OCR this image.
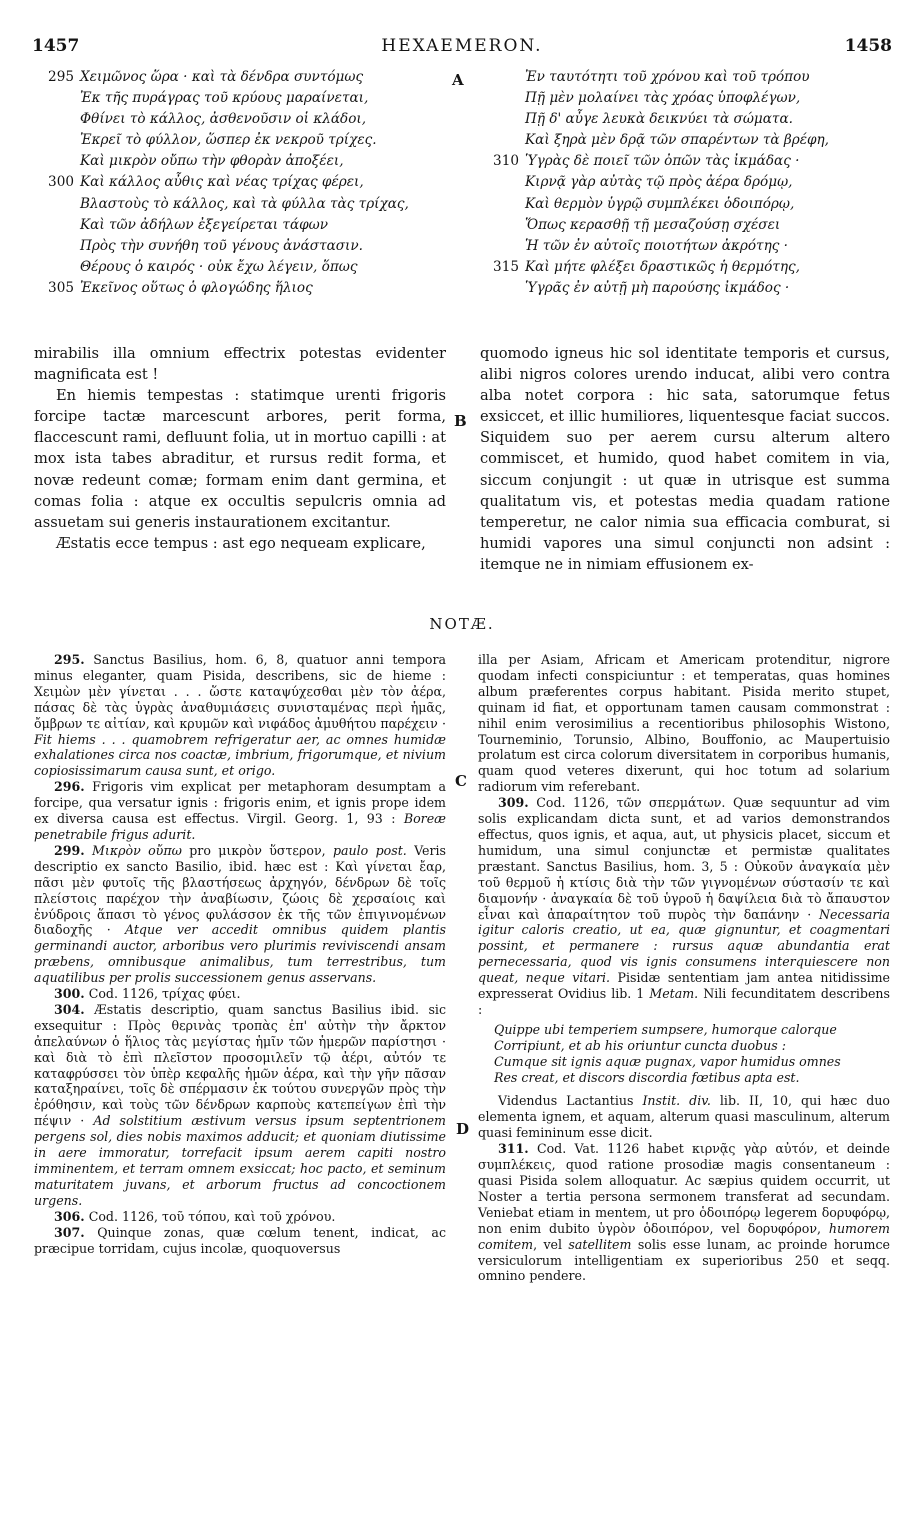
1457	HEXAEMERON.	1458
A
B
C
D
295 Χειμῶνος ὥρα · καὶ τὰ δένδρα συντόμως
Ἐκ τῆς πυράγρας τοῦ κρύους μαραίνεται,
Φθίνει τὸ κάλλος, ἀσθενοῦσιν οἱ κλάδοι,
Ἐκρεῖ τὸ φύλλον, ὥσπερ ἐκ νεκροῦ τρίχες.
Καὶ μικρὸν οὔπω τὴν φθορὰν ἀποξέει,
300 Καὶ κάλλος αὖθις καὶ νέας τρίχας φέρει,
Βλαστοὺς τὸ κάλλος, καὶ τὰ φύλλα τὰς τρίχας,
Καὶ τῶν ἀδήλων ἐξεγείρεται τάφων
Πρὸς τὴν συνήθη τοῦ γένους ἀνάστασιν.
Θέρους ὁ καιρός · οὐκ ἔχω λέγειν, ὅπως
305 Ἐκεῖνος οὕτως ὁ φλογώδης ἥλιος
Ἐν ταυτότητι τοῦ χρόνου καὶ τοῦ τρόπου
Πῇ μὲν μολαίνει τὰς χρόας ὑποφλέγων,
Πῇ δ' αὖγε λευκὰ δεικνύει τὰ σώματα.
Καὶ ξηρὰ μὲν δρᾷ τῶν σπαρέντων τὰ βρέφη,
310 Ὑγρὰς δὲ ποιεῖ τῶν ὀπῶν τὰς ἰκμάδας ·
Κιρνᾷ γὰρ αὐτὰς τῷ πρὸς ἀέρα δρόμῳ,
Καὶ θερμὸν ὑγρῷ συμπλέκει ὁδοιπόρῳ,
Ὅπως κερασθῇ τῇ μεσαζούσῃ σχέσει
Ἡ τῶν ἐν αὐτοῖς ποιοτήτων ἀκρότης ·
315 Καὶ μήτε φλέξει δραστικῶς ἡ θερμότης,
Ὑγρᾶς ἐν αὐτῇ μὴ παρούσης ἰκμάδος ·

mirabilis illa omnium effectrix potestas evidenter magnificata est !

En hiemis tempestas : statimque urenti frigoris forcipe tactæ marcescunt arbores, perit forma, flaccescunt rami, defluunt folia, ut in mortuo capilli : at mox ista tabes abraditur, et rursus redit forma, et novæ redeunt comæ; formam enim dant germina, et comas folia : atque ex occultis sepulcris omnia ad assuetam sui generis instaurationem excitantur.

Æstatis ecce tempus : ast ego nequeam explicare,

quomodo igneus hic sol identitate temporis et cursus, alibi nigros colores urendo inducat, alibi vero contra alba notet corpora : hic sata, satorumque fetus exsiccet, et illic humiliores, liquentesque faciat succos. Siquidem suo per aerem cursu alterum altero commiscet, et humido, quod habet comitem in via, siccum conjungit : ut quæ in utrisque est summa qualitatum vis, et potestas media quadam ratione temperetur, ne calor nimia sua efficacia comburat, si humidi vapores una simul conjuncti non adsint : itemque ne in nimiam effusionem ex-

NOTÆ.

295. Sanctus Basilius, hom. 6, 8, quatuor anni tempora minus eleganter, quam Pisida, describens, sic de hieme : Χειμὼν μὲν γίνεται . . . ὥστε καταψύχεσθαι μὲν τὸν ἀέρα, πάσας δὲ τὰς ὑγρὰς ἀναθυμιάσεις συνισταμένας περὶ ἡμᾶς, ὄμβρων τε αἰτίαν, καὶ κρυμῶν καὶ νιφάδος ἀμυθήτου παρέχειν · Fit hiems . . . quamobrem refrigeratur aer, ac omnes humidæ exhalationes circa nos coactæ, imbrium, frigorumque, et nivium copiosissimarum causa sunt, et origo.

296. Frigoris vim explicat per metaphoram desumptam a forcipe, qua versatur ignis : frigoris enim, et ignis prope idem ex diversa causa est effectus. Virgil. Georg. 1, 93 : Boreæ penetrabile frigus adurit.

299. Μικρὸν οὔπω pro μικρὸν ὕστερον, paulo post. Veris descriptio ex sancto Basilio, ibid. hæc est : Καὶ γίνεται ἔαρ, πᾶσι μὲν φυτοῖς τῆς βλαστήσεως ἀρχηγόν, δένδρων δὲ τοῖς πλείστοις παρέχον τὴν ἀναβίωσιν, ζώοις δὲ χερσαίοις καὶ ἐνύδροις ἅπασι τὸ γένος φυλάσσον ἐκ τῆς τῶν ἐπιγινομένων διαδοχῆς · Atque ver accedit omnibus quidem plantis germinandi auctor, arboribus vero plurimis reviviscendi ansam præbens, omnibusque animalibus, tum terrestribus, tum aquatilibus per prolis successionem genus asservans.

300. Cod. 1126, τρίχας φύει.

304. Æstatis descriptio, quam sanctus Basilius ibid. sic exsequitur : Πρὸς θερινὰς τροπὰς ἐπ' αὐτὴν τὴν ἄρκτον ἀπελαύνων ὁ ἥλιος τὰς μεγίστας ἡμῖν τῶν ἡμερῶν παρίστησι · καὶ διὰ τὸ ἐπὶ πλεῖστον προσομιλεῖν τῷ ἀέρι, αὐτόν τε καταφρύσσει τὸν ὑπὲρ κεφαλῆς ἡμῶν ἀέρα, καὶ τὴν γῆν πᾶσαν καταξηραίνει, τοῖς δὲ σπέρμασιν ἐκ τούτου συνεργῶν πρὸς τὴν ἐρόθησιν, καὶ τοὺς τῶν δένδρων καρποὺς κατεπείγων ἐπὶ τὴν πέψιν · Ad solstitium æstivum versus ipsum septentrionem pergens sol, dies nobis maximos adducit; et quoniam diutissime in aere immoratur, torrefacit ipsum aerem capiti nostro imminentem, et terram omnem exsiccat; hoc pacto, et seminum maturitatem juvans, et arborum fructus ad concoctionem urgens.

306. Cod. 1126, τοῦ τόπου, καὶ τοῦ χρόνου.

307. Quinque zonas, quæ cœlum tenent, indicat, ac præcipue torridam, cujus incolæ, quoquoversus

illa per Asiam, Africam et Americam protenditur, nigrore quodam infecti conspiciuntur : et temperatas, quas homines album præferentes corpus habitant. Pisida merito stupet, quinam id fiat, et opportunam tamen causam commonstrat : nihil enim verosimilius a recentioribus philosophis Wistono, Tourneminio, Torunsio, Albino, Bouffonio, ac Maupertuisio prolatum est circa colorum diversitatem in corporibus humanis, quam quod veteres dixerunt, qui hoc totum ad solarium radiorum vim referebant.

309. Cod. 1126, τῶν σπερμάτων. Quæ sequuntur ad vim solis explicandam dicta sunt, et ad varios demonstrandos effectus, quos ignis, et aqua, aut, ut physicis placet, siccum et humidum, una simul conjunctæ et permistæ qualitates præstant. Sanctus Basilius, hom. 3, 5 : Οὐκοῦν ἀναγκαία μὲν τοῦ θερμοῦ ἡ κτίσις διὰ τὴν τῶν γιγνομένων σύστασίν τε καὶ διαμονήν · ἀναγκαία δὲ τοῦ ὑγροῦ ἡ δαψίλεια διὰ τὸ ἄπαυστον εἶναι καὶ ἀπαραίτητον τοῦ πυρὸς τὴν δαπάνην · Necessaria igitur caloris creatio, ut ea, quæ gignuntur, et coagmentari possint, et permanere : rursus aquæ abundantia erat pernecessaria, quod vis ignis consumens interquiescere non queat, neque vitari. Pisidæ sententiam jam antea nitidissime expresserat Ovidius lib. 1 Metam. Nili fecunditatem describens :

Quippe ubi temperiem sumpsere, humorque calorque
Corripiunt, et ab his oriuntur cuncta duobus :
Cumque sit ignis aquæ pugnax, vapor humidus omnes
Res creat, et discors discordia fœtibus apta est.

Videndus Lactantius Instit. div. lib. II, 10, qui hæc duo elementa ignem, et aquam, alterum quasi masculinum, alterum quasi femininum esse dicit.

311. Cod. Vat. 1126 habet κιρνᾷς γὰρ αὐτόν, et deinde συμπλέκεις, quod ratione prosodiæ magis consentaneum : quasi Pisida solem alloquatur. Ac sæpius quidem occurrit, ut Noster a tertia persona sermonem transferat ad secundam. Veniebat etiam in mentem, ut pro ὁδοιπόρῳ legerem δορυφόρῳ, non enim dubito ὑγρὸν ὁδοιπόρον, vel δορυφόρον, humorem comitem, vel satellitem solis esse lunam, ac proinde horumce versiculorum intelligentiam ex superioribus 250 et seqq. omnino pendere.
